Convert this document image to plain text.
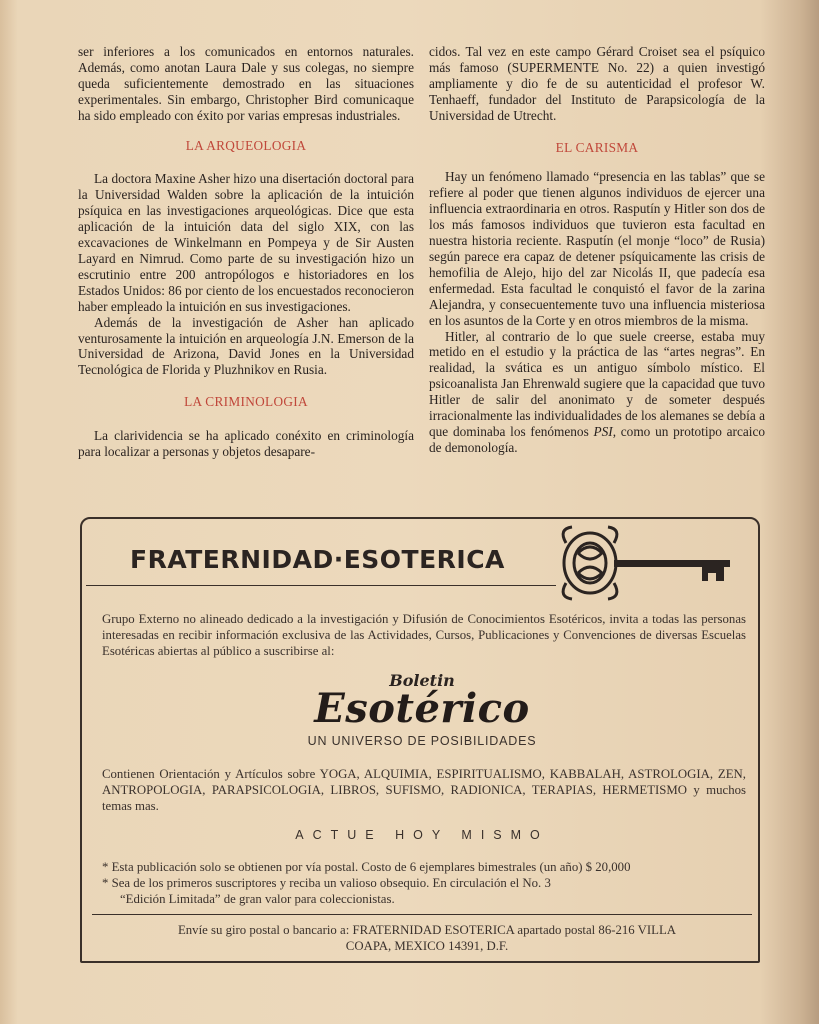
ser inferiores a los comunicados en entornos naturales. Además, como anotan Laura Dale y sus colegas, no siempre queda suficientemente demostrado en las situaciones experimentales. Sin embargo, Christopher Bird comunicaque ha sido empleado con éxito por varias empresas industriales.

LA ARQUEOLOGIA

La doctora Maxine Asher hizo una disertación doctoral para la Universidad Walden sobre la aplicación de la intuición psíquica en las investigaciones arqueológicas. Dice que esta aplicación de la intuición data del siglo XIX, con las excavaciones de Winkelmann en Pompeya y de Sir Austen Layard en Nimrud. Como parte de su investigación hizo un escrutinio entre 200 antropólogos e historiadores en los Estados Unidos: 86 por ciento de los encuestados reconocieron haber empleado la intuición en sus investigaciones.

Además de la investigación de Asher han aplicado venturosamente la intuición en arqueología J.N. Emerson de la Universidad de Arizona, David Jones en la Universidad Tecnológica de Florida y Pluzhnikov en Rusia.

LA CRIMINOLOGIA

La clarividencia se ha aplicado conéxito en criminología para localizar a personas y objetos desapare-

cidos. Tal vez en este campo Gérard Croiset sea el psíquico más famoso (SUPERMENTE No. 22) a quien investigó ampliamente y dio fe de su autenticidad el profesor W. Tenhaeff, fundador del Instituto de Parapsicología de la Universidad de Utrecht.

EL CARISMA

Hay un fenómeno llamado “presencia en las tablas” que se refiere al poder que tienen algunos individuos de ejercer una influencia extraordinaria en otros. Rasputín y Hitler son dos de los más famosos individuos que tuvieron esta facultad en nuestra historia reciente. Rasputín (el monje “loco” de Rusia) según parece era capaz de detener psíquicamente las crisis de hemofilia de Alejo, hijo del zar Nicolás II, que padecía esa enfermedad. Esta facultad le conquistó el favor de la zarina Alejandra, y consecuentemente tuvo una influencia misteriosa en los asuntos de la Corte y en otros miembros de la misma.

Hitler, al contrario de lo que suele creerse, estaba muy metido en el estudio y la práctica de las “artes negras”. En realidad, la svática es un antiguo símbolo místico. El psicoanalista Jan Ehrenwald sugiere que la capacidad que tuvo Hitler de salir del anonimato y de someter después irracionalmente las individualidades de los alemanes se debía a que dominaba los fenómenos PSI, como un prototipo arcaico de demonología.

FRATERNIDAD·ESOTERICA
Grupo Externo no alineado dedicado a la investigación y Difusión de Conocimientos Esotéricos, invita a todas las personas interesadas en recibir información exclusiva de las Actividades, Cursos, Publicaciones y Convenciones de diversas Escuelas Esotéricas abiertas al público a suscribirse al:
Boletin
Esotérico
UN UNIVERSO DE POSIBILIDADES
Contienen Orientación y Artículos sobre YOGA, ALQUIMIA, ESPIRITUALISMO, KABBALAH, ASTROLOGIA, ZEN, ANTROPOLOGIA, PARAPSICOLOGIA, LIBROS, SUFISMO, RADIONICA, TERAPIAS, HERMETISMO y muchos temas mas.
ACTUE HOY MISMO
* Esta publicación solo se obtienen por vía postal. Costo de 6 ejemplares bimestrales (un año) $ 20,000
* Sea de los primeros suscriptores y reciba un valioso obsequio. En circulación el No. 3
“Edición Limitada” de gran valor para coleccionistas.
Envíe su giro postal o bancario a: FRATERNIDAD ESOTERICA apartado postal 86-216 VILLA
COAPA, MEXICO 14391, D.F.
